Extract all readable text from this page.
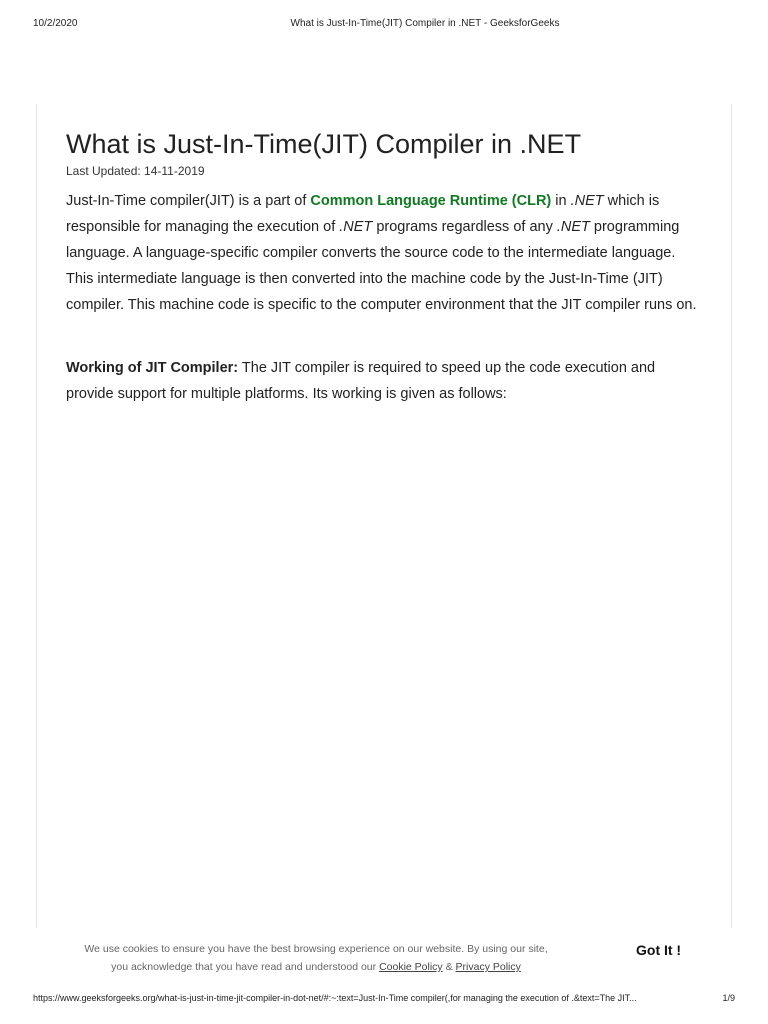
10/2/2020	What is Just-In-Time(JIT) Compiler in .NET - GeeksforGeeks
What is Just-In-Time(JIT) Compiler in .NET
Last Updated: 14-11-2019

Just-In-Time compiler(JIT) is a part of Common Language Runtime (CLR) in .NET which is responsible for managing the execution of .NET programs regardless of any .NET programming language. A language-specific compiler converts the source code to the intermediate language. This intermediate language is then converted into the machine code by the Just-In-Time (JIT) compiler. This machine code is specific to the computer environment that the JIT compiler runs on.

Working of JIT Compiler: The JIT compiler is required to speed up the code execution and provide support for multiple platforms. Its working is given as follows:

We use cookies to ensure you have the best browsing experience on our website. By using our site,
you acknowledge that you have read and understood our Cookie Policy & Privacy Policy
Got It !
https://www.geeksforgeeks.org/what-is-just-in-time-jit-compiler-in-dot-net/#:~:text=Just-In-Time compiler(,for managing the execution of .&text=The JIT...	1/9
